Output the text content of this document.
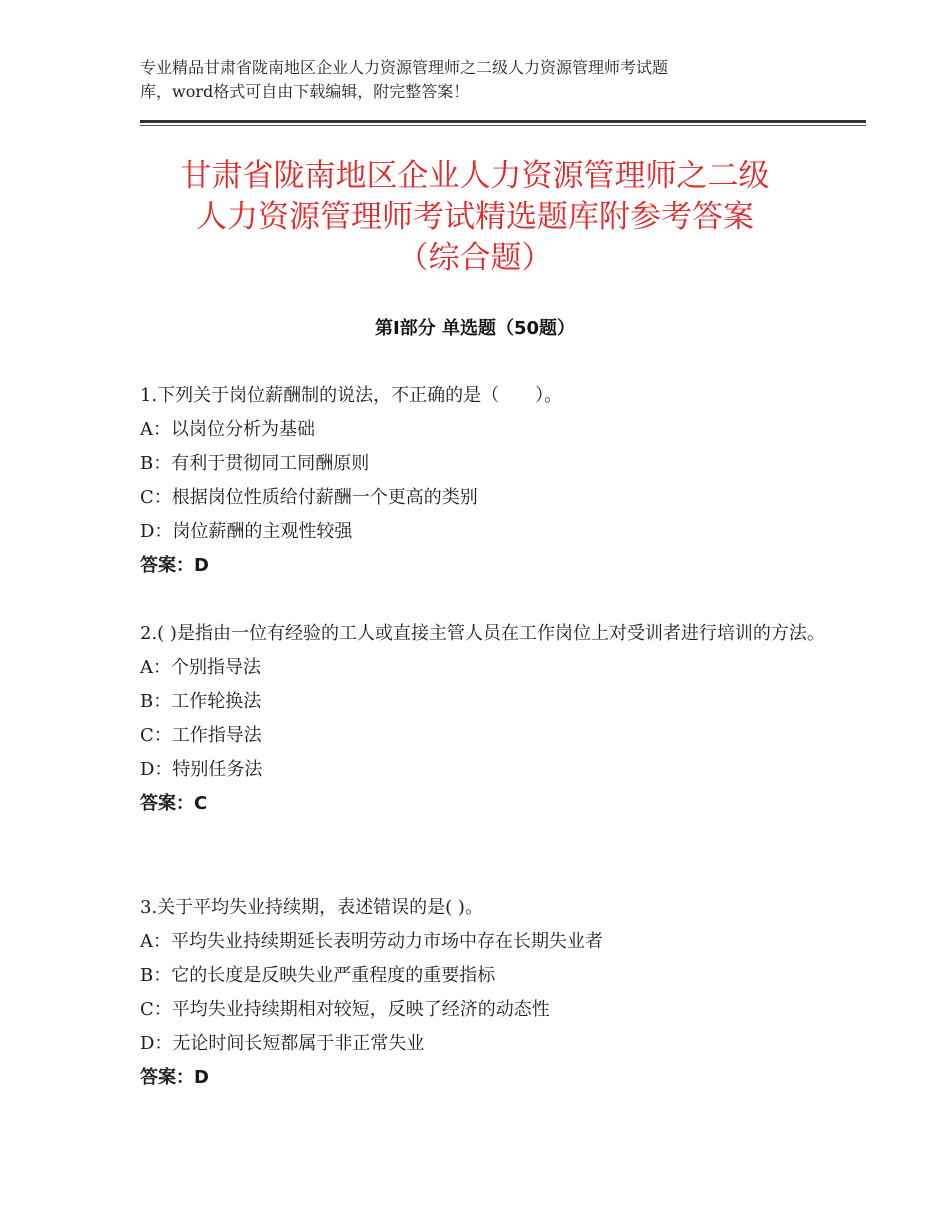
专业精品甘肃省陇南地区企业人力资源管理师之二级人力资源管理师考试题
库，word格式可自由下载编辑，附完整答案！
甘肃省陇南地区企业人力资源管理师之二级
人力资源管理师考试精选题库附参考答案
（综合题）
第Ⅰ部分 单选题（50题）
1.下列关于岗位薪酬制的说法，不正确的是（　　）。
A：以岗位分析为基础
B：有利于贯彻同工同酬原则
C：根据岗位性质给付薪酬一个更高的类别
D：岗位薪酬的主观性较强
答案：D
2.( )是指由一位有经验的工人或直接主管人员在工作岗位上对受训者进行培训的方法。
A：个别指导法
B：工作轮换法
C：工作指导法
D：特别任务法
答案：C
3.关于平均失业持续期，表述错误的是( )。
A：平均失业持续期延长表明劳动力市场中存在长期失业者
B：它的长度是反映失业严重程度的重要指标
C：平均失业持续期相对较短，反映了经济的动态性
D：无论时间长短都属于非正常失业
答案：D
